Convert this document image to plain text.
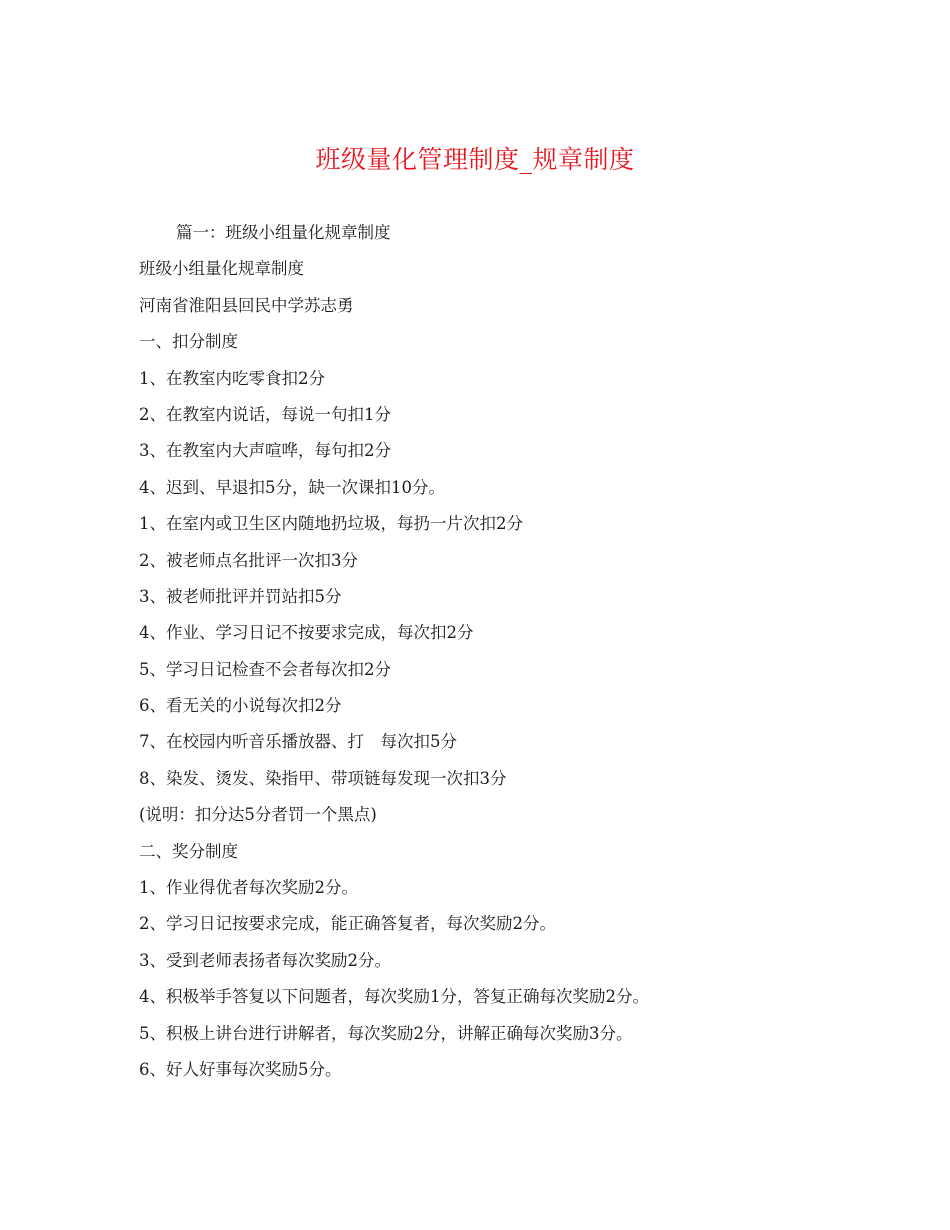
班级量化管理制度_规章制度
篇一：班级小组量化规章制度
班级小组量化规章制度
河南省淮阳县回民中学苏志勇
一、扣分制度
1、在教室内吃零食扣2分
2、在教室内说话，每说一句扣1分
3、在教室内大声喧哗，每句扣2分
4、迟到、早退扣5分，缺一次课扣10分。
1、在室内或卫生区内随地扔垃圾，每扔一片次扣2分
2、被老师点名批评一次扣3分
3、被老师批评并罚站扣5分
4、作业、学习日记不按要求完成，每次扣2分
5、学习日记检查不会者每次扣2分
6、看无关的小说每次扣2分
7、在校园内听音乐播放器、打　每次扣5分
8、染发、烫发、染指甲、带项链每发现一次扣3分
(说明：扣分达5分者罚一个黑点)
二、奖分制度
1、作业得优者每次奖励2分。
2、学习日记按要求完成，能正确答复者，每次奖励2分。
3、受到老师表扬者每次奖励2分。
4、积极举手答复以下问题者，每次奖励1分，答复正确每次奖励2分。
5、积极上讲台进行讲解者，每次奖励2分，讲解正确每次奖励3分。
6、好人好事每次奖励5分。
